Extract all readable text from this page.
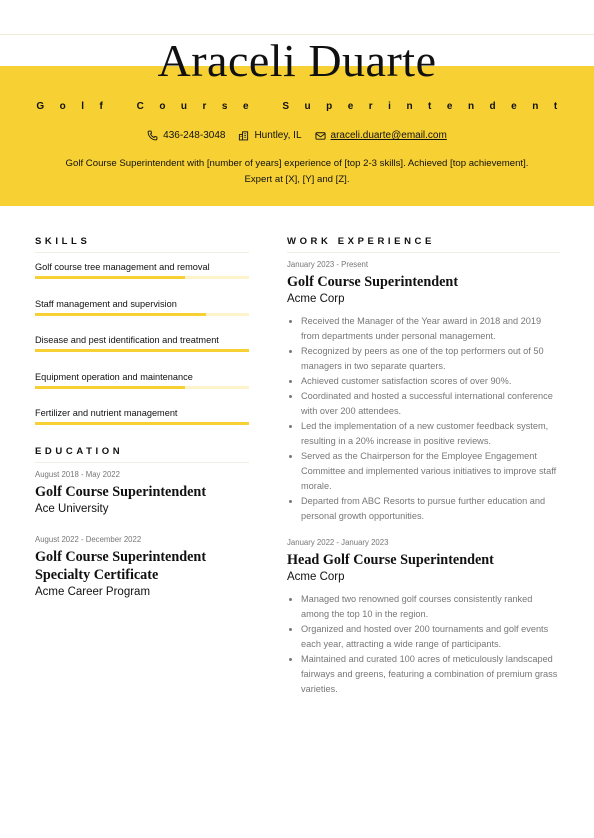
Araceli Duarte
Golf Course Superintendent
436-248-3048	Huntley, IL	araceli.duarte@email.com
Golf Course Superintendent with [number of years] experience of [top 2-3 skills]. Achieved [top achievement]. Expert at [X], [Y] and [Z].
SKILLS
Golf course tree management and removal
Staff management and supervision
Disease and pest identification and treatment
Equipment operation and maintenance
Fertilizer and nutrient management
EDUCATION
August 2018 - May 2022
Golf Course Superintendent
Ace University
August 2022 - December 2022
Golf Course Superintendent Specialty Certificate
Acme Career Program
WORK EXPERIENCE
January 2023 - Present
Golf Course Superintendent
Acme Corp
• Received the Manager of the Year award in 2018 and 2019 from departments under personal management.
• Recognized by peers as one of the top performers out of 50 managers in two separate quarters.
• Achieved customer satisfaction scores of over 90%.
• Coordinated and hosted a successful international conference with over 200 attendees.
• Led the implementation of a new customer feedback system, resulting in a 20% increase in positive reviews.
• Served as the Chairperson for the Employee Engagement Committee and implemented various initiatives to improve staff morale.
• Departed from ABC Resorts to pursue further education and personal growth opportunities.
January 2022 - January 2023
Head Golf Course Superintendent
Acme Corp
• Managed two renowned golf courses consistently ranked among the top 10 in the region.
• Organized and hosted over 200 tournaments and golf events each year, attracting a wide range of participants.
• Maintained and curated 100 acres of meticulously landscaped fairways and greens, featuring a combination of premium grass varieties.
